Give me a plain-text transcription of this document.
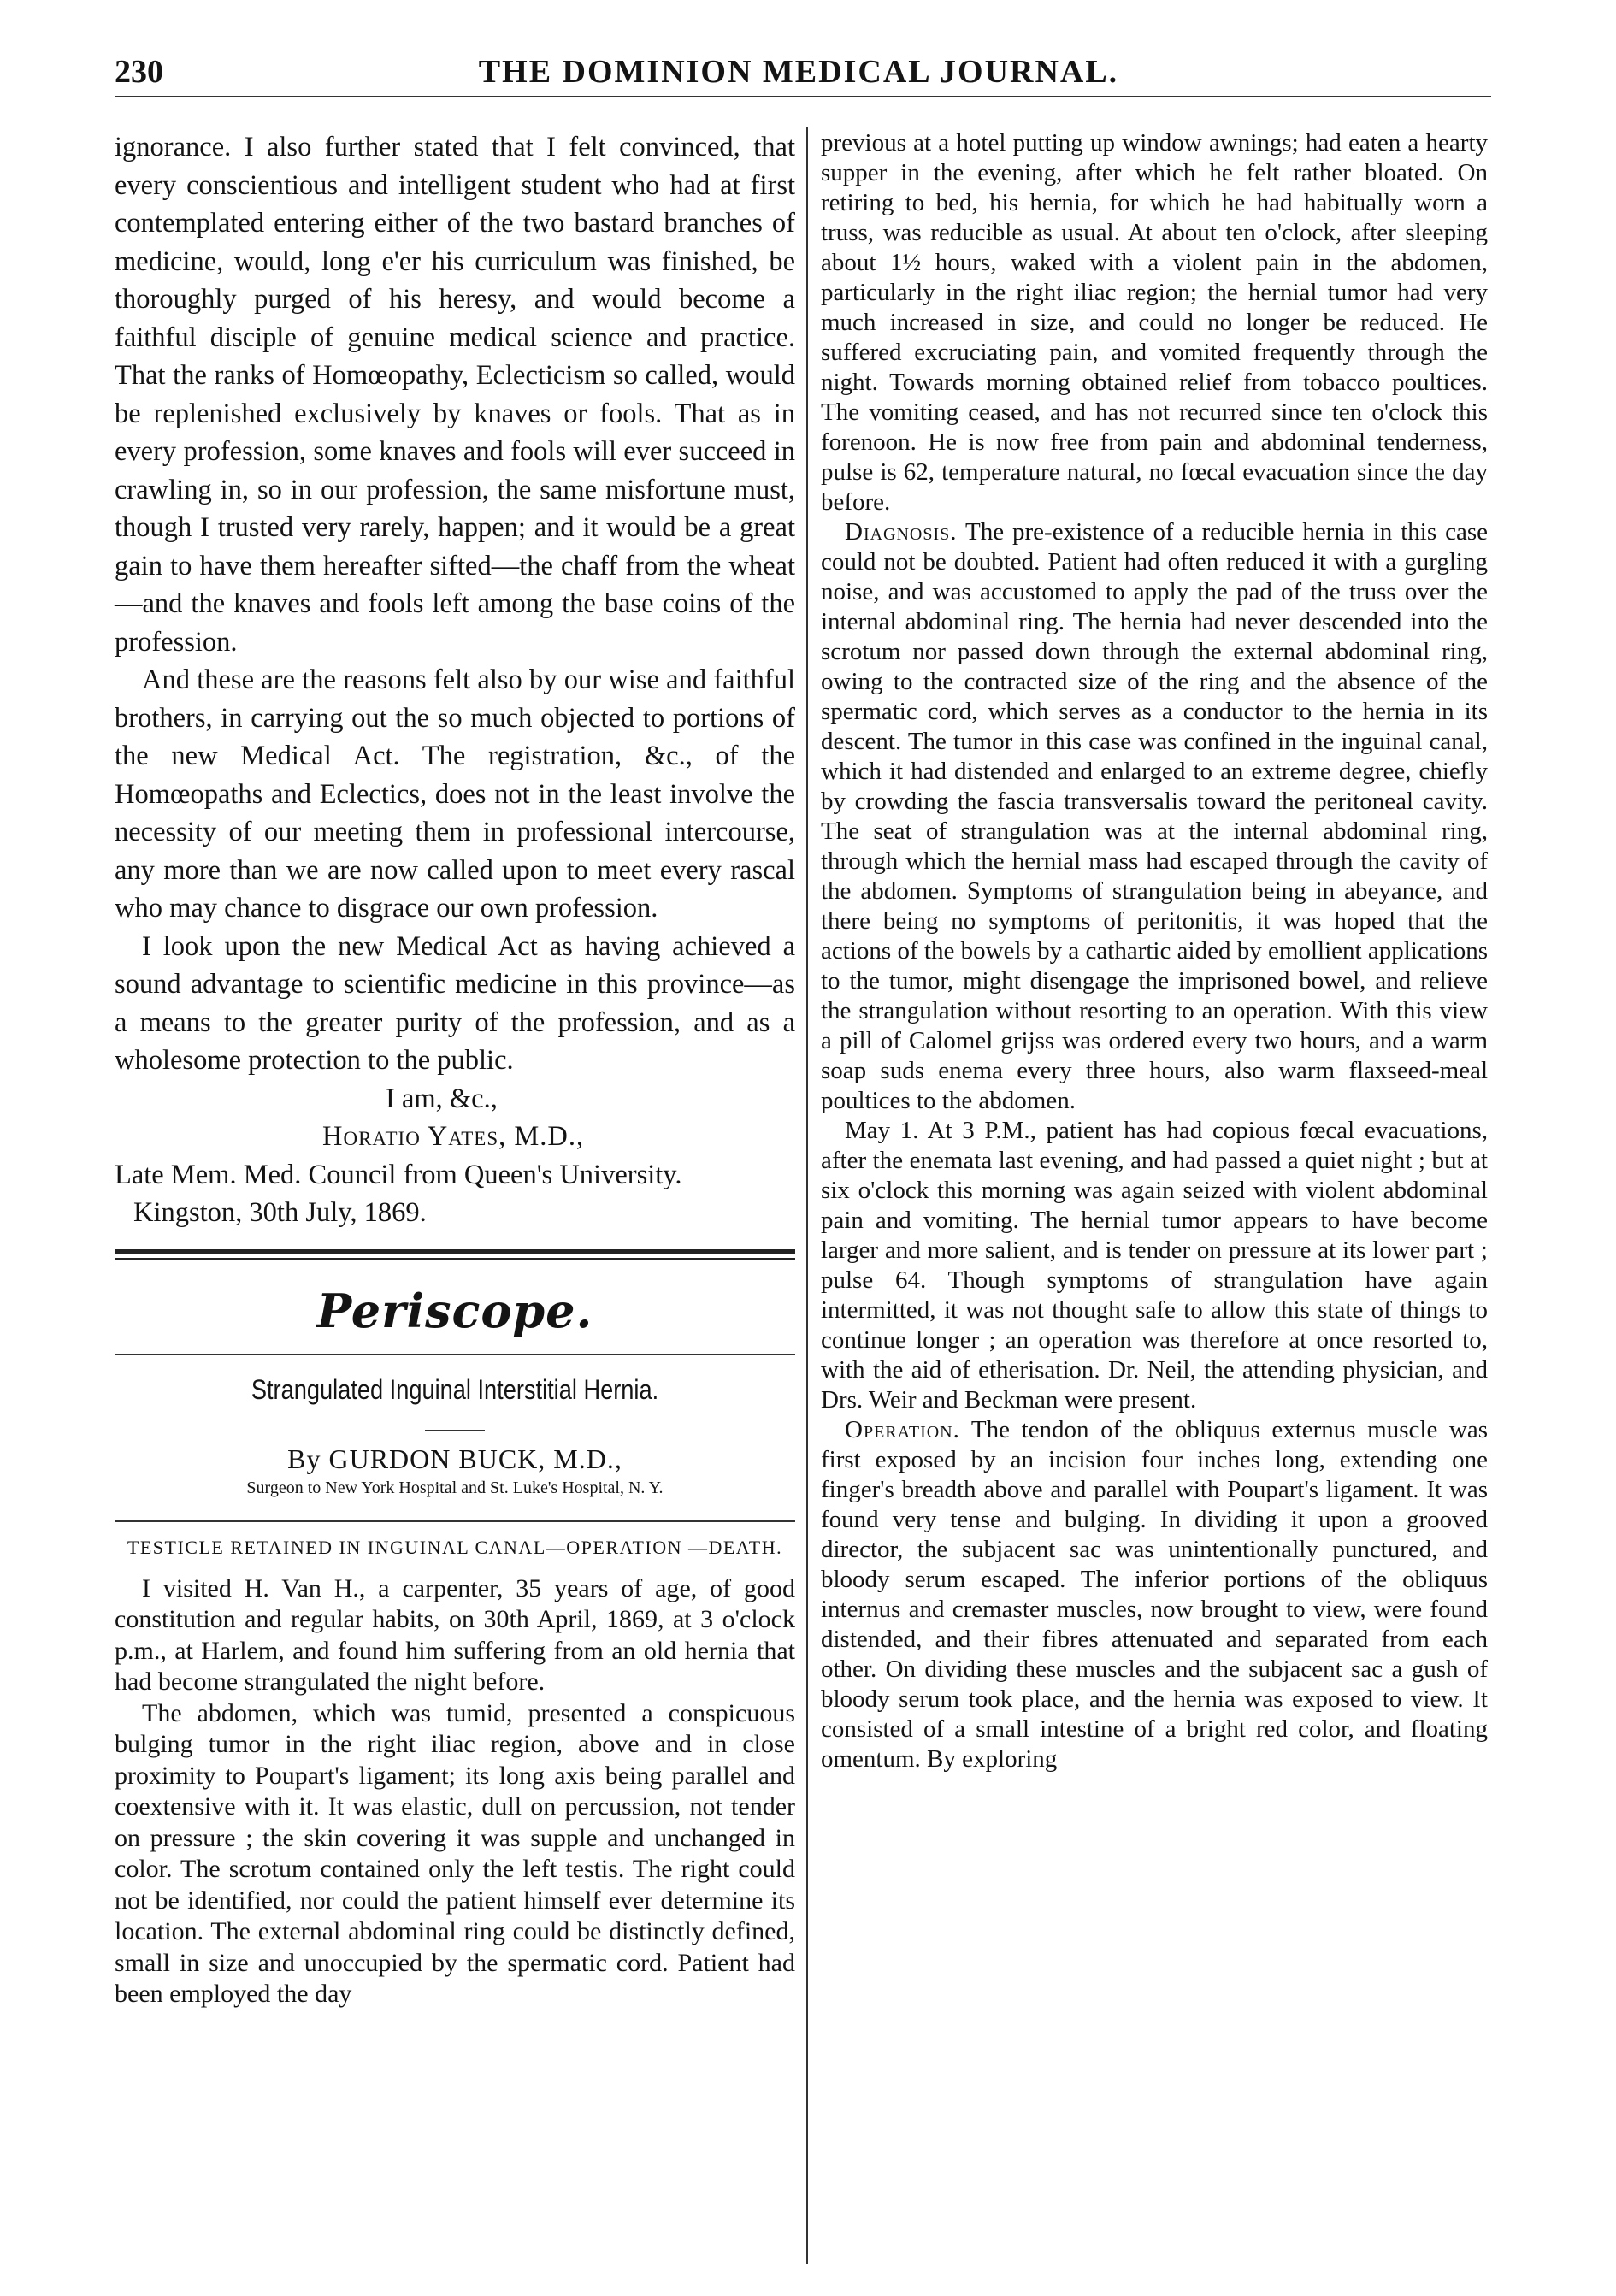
230	THE DOMINION MEDICAL JOURNAL.

ignorance. I also further stated that I felt convinced, that every conscientious and intelligent student who had at first contemplated entering either of the two bastard branches of medicine, would, long e'er his curriculum was finished, be thoroughly purged of his heresy, and would become a faithful disciple of genuine medical science and practice. That the ranks of Homœopathy, Eclecticism so called, would be replenished exclusively by knaves or fools. That as in every profession, some knaves and fools will ever succeed in crawling in, so in our profession, the same misfortune must, though I trusted very rarely, happen; and it would be a great gain to have them hereafter sifted—the chaff from the wheat—and the knaves and fools left among the base coins of the profession.

And these are the reasons felt also by our wise and faithful brothers, in carrying out the so much objected to portions of the new Medical Act. The registration, &c., of the Homœopaths and Eclectics, does not in the least involve the necessity of our meeting them in professional intercourse, any more than we are now called upon to meet every rascal who may chance to disgrace our own profession.

I look upon the new Medical Act as having achieved a sound advantage to scientific medicine in this province—as a means to the greater purity of the profession, and as a wholesome protection to the public.

I am, &c.,
Horatio Yates, M.D.,
Late Mem. Med. Council from Queen's University.
Kingston, 30th July, 1869.
Periscope.

Strangulated Inguinal Interstitial Hernia.

By GURDON BUCK, M.D.,

Surgeon to New York Hospital and St. Luke's Hospital, N. Y.

TESTICLE RETAINED IN INGUINAL CANAL—OPERATION —DEATH.

I visited H. Van H., a carpenter, 35 years of age, of good constitution and regular habits, on 30th April, 1869, at 3 o'clock p.m., at Harlem, and found him suffering from an old hernia that had become strangulated the night before.

The abdomen, which was tumid, presented a conspicuous bulging tumor in the right iliac region, above and in close proximity to Poupart's ligament; its long axis being parallel and coextensive with it. It was elastic, dull on percussion, not tender on pressure ; the skin covering it was supple and unchanged in color. The scrotum contained only the left testis. The right could not be identified, nor could the patient himself ever determine its location. The external abdominal ring could be distinctly defined, small in size and unoccupied by the spermatic cord. Patient had been employed the day

previous at a hotel putting up window awnings; had eaten a hearty supper in the evening, after which he felt rather bloated. On retiring to bed, his hernia, for which he had habitually worn a truss, was reducible as usual. At about ten o'clock, after sleeping about 1½ hours, waked with a violent pain in the abdomen, particularly in the right iliac region; the hernial tumor had very much increased in size, and could no longer be reduced. He suffered excruciating pain, and vomited frequently through the night. Towards morning obtained relief from tobacco poultices. The vomiting ceased, and has not recurred since ten o'clock this forenoon. He is now free from pain and abdominal tenderness, pulse is 62, temperature natural, no fœcal evacuation since the day before.

Diagnosis. The pre-existence of a reducible hernia in this case could not be doubted. Patient had often reduced it with a gurgling noise, and was accustomed to apply the pad of the truss over the internal abdominal ring. The hernia had never descended into the scrotum nor passed down through the external abdominal ring, owing to the contracted size of the ring and the absence of the spermatic cord, which serves as a conductor to the hernia in its descent. The tumor in this case was confined in the inguinal canal, which it had distended and enlarged to an extreme degree, chiefly by crowding the fascia transversalis toward the peritoneal cavity. The seat of strangulation was at the internal abdominal ring, through which the hernial mass had escaped through the cavity of the abdomen. Symptoms of strangulation being in abeyance, and there being no symptoms of peritonitis, it was hoped that the actions of the bowels by a cathartic aided by emollient applications to the tumor, might disengage the imprisoned bowel, and relieve the strangulation without resorting to an operation. With this view a pill of Calomel grijss was ordered every two hours, and a warm soap suds enema every three hours, also warm flaxseed-meal poultices to the abdomen.

May 1. At 3 P.M., patient has had copious fœcal evacuations, after the enemata last evening, and had passed a quiet night ; but at six o'clock this morning was again seized with violent abdominal pain and vomiting. The hernial tumor appears to have become larger and more salient, and is tender on pressure at its lower part ; pulse 64. Though symptoms of strangulation have again intermitted, it was not thought safe to allow this state of things to continue longer ; an operation was therefore at once resorted to, with the aid of etherisation. Dr. Neil, the attending physician, and Drs. Weir and Beckman were present.

Operation. The tendon of the obliquus externus muscle was first exposed by an incision four inches long, extending one finger's breadth above and parallel with Poupart's ligament. It was found very tense and bulging. In dividing it upon a grooved director, the subjacent sac was unintentionally punctured, and bloody serum escaped. The inferior portions of the obliquus internus and cremaster muscles, now brought to view, were found distended, and their fibres attenuated and separated from each other. On dividing these muscles and the subjacent sac a gush of bloody serum took place, and the hernia was exposed to view. It consisted of a small intestine of a bright red color, and floating omentum. By exploring
